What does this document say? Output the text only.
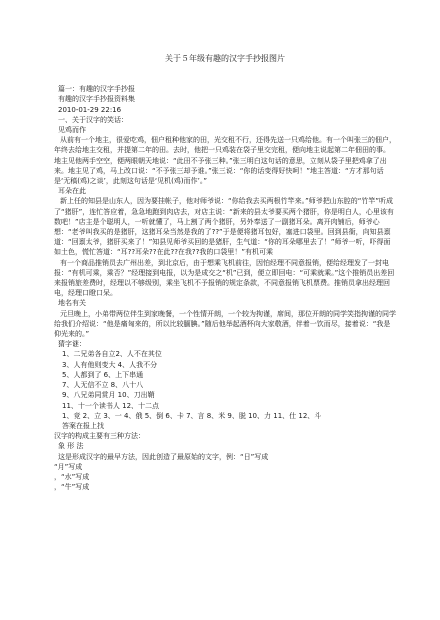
关于５年级有趣的汉字手抄报图片

篇一：有趣的汉字手抄报

有趣的汉字手抄报资料集

2010-01-29 22:16

一、关于汉字的笑话：

见鸡而作

从前有一个地主，很爱吃鸡，佃户租种他家的田，光交租不行，还得先送一只鸡给他。有一个叫张三的佃户，年终去给地主交租，并提第二年的田。去时，他把一只鸡装在袋子里交完租，便向地主说起第二年佃田的事。地主见他两手空空，便两眼朝天地说：“此田不予张三种。”张三明白这句话的意思，立刻从袋子里把鸡拿了出来。地主见了鸡，马上改口说：“不予张三却予谁。”张三说：“你的话变得好快呵！”地主答道：“方才那句话是‘无稿(鸡)之谈’，此刻这句话是‘见机(鸡)而作’。”

耳朵在此

新上任的知县是山东人，因为要挂帐子，他对师爷说：“你给我去买两根竹竿来。”师爷把山东腔的“竹竿”听成了“猪肝”，连忙答应着，急急地跑到肉店去，对店主说：“新来的县太爷要买两个猪肝，你是明白人，心里该有数吧！”店主是个聪明人，一听就懂了，马上割了两个猪肝，另外奉送了一副猪耳朵。离开肉铺后，师爷心想：“老爷叫我买的是猪肝，这猪耳朵当然是我的了??”于是便将猪耳包好，塞进口袋里。回到县衙，向知县禀道：“回禀太爷，猪肝买来了！”知县见师爷买回的是猪肝，生气道：“你的耳朵哪里去了！”师爷一听，吓得面如土色，慌忙答道：“耳??耳朵??在此??在我??我的口袋里！”有机可乘

有一个商品推销员去广州出差，到北京后，由于想乘飞机前往，因怕经理不同意报销，便给经理发了一封电报：“有机可乘，乘否？”经理接到电报，以为是成交之“机”已到，便立即回电：“可乘就乘。”这个推销员出差回来报销旅差费时，经理以不够级别，乘坐飞机不予报销的规定条款，不同意报销飞机票费。推销员拿出经理回电，经理口瞪口呆。

地名有关

元旦晚上，小弟带两位伴生到家晚餐，一个性情开朗，一个较为拘谨，席间，那位开朗的同学笑指拘谨的同学给我们介绍说：“他是痛匈来的，所以比较腼腆。”随后他举起酒杯向大家敬酒，伴着一饮而尽，接着说：“我是仰光来的。”

猜字谜：

1、二兄弟各自立2、人不在其位

3、人有他则变大 4、人我不分

5、人都到了 6、上下串通

7、人无信不立 8、八十八

9、八兄弟同赏月 10、刀出鞘

11、十一个读书人 12、十二点

1、竞 2、立 3、一 4、俄 5、倒 6、卡 7、言 8、米 9、脱 10、力 11、仕 12、斗

答案在报上找

汉字的构成主要有三种方法：

象 形 法

这是形成汉字的最早方法，因此创造了最原始的文字，例：“日”写成

“月”写成

，“水”写成

，“牛”写成
